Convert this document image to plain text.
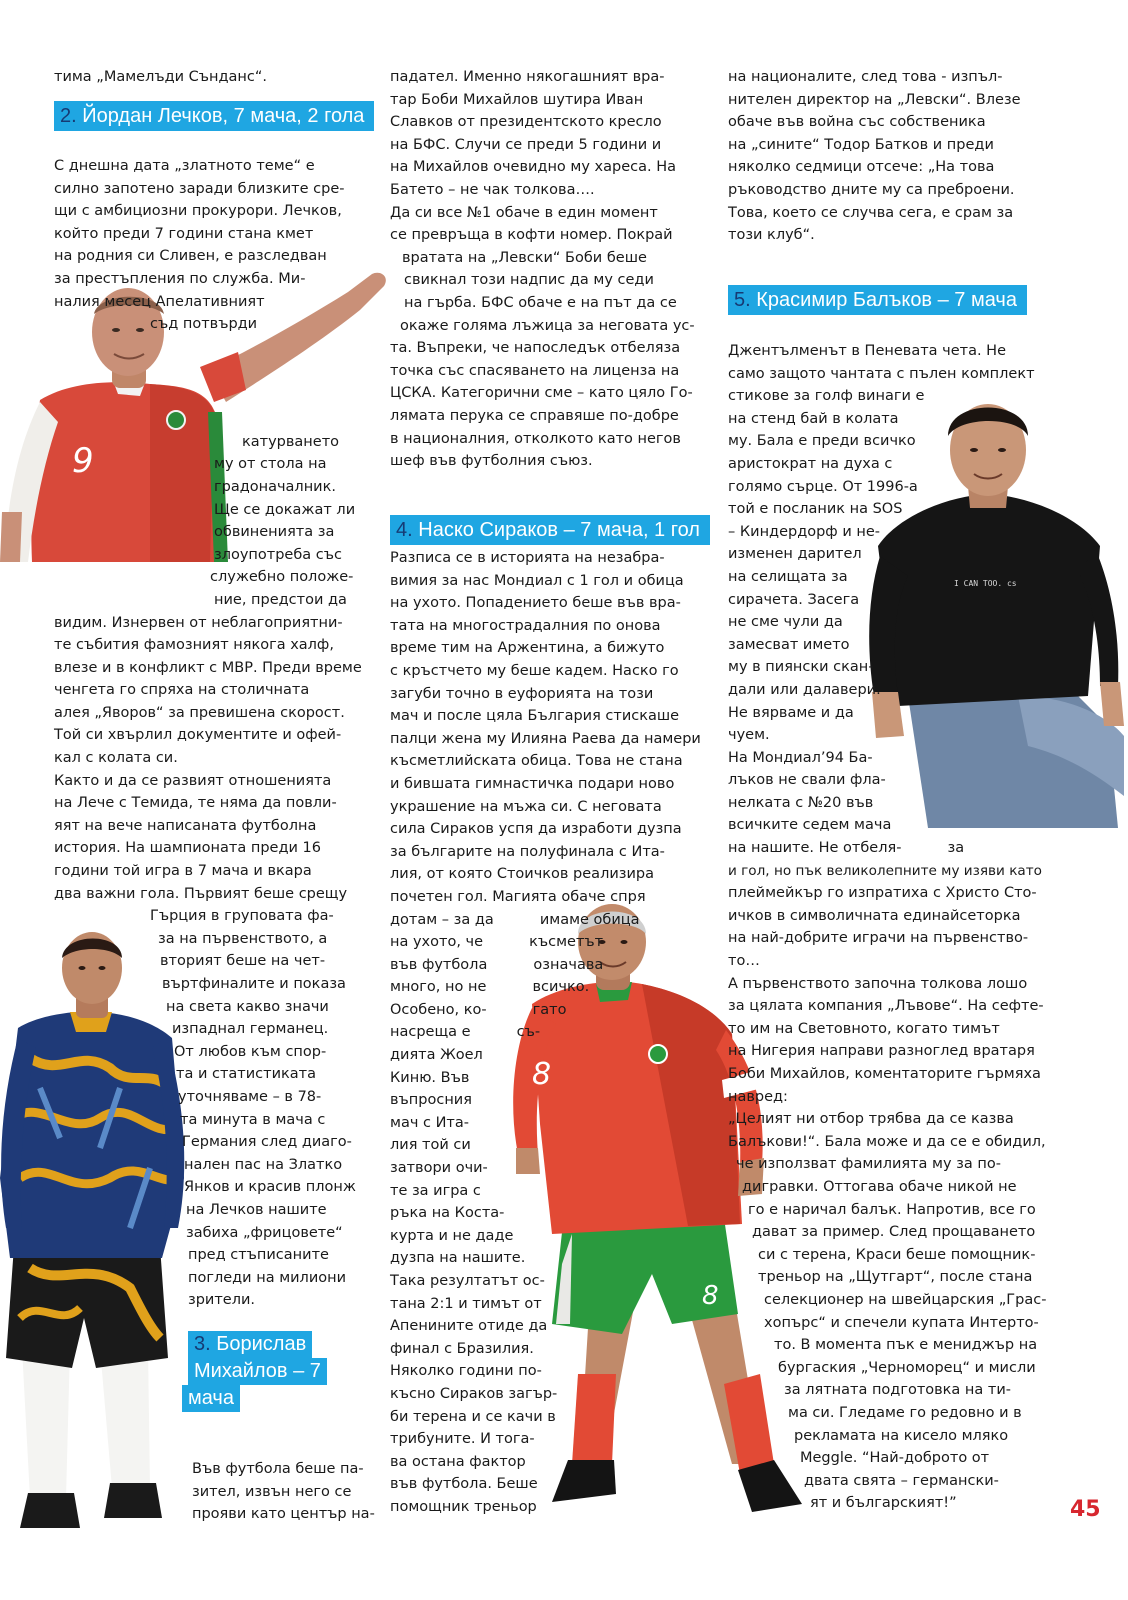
9
8
8
I CAN TOO. cs

тима „Мамелъди Сънданс“.

2. Йордан Лечков, 7 мача, 2 гола

С днешна дата „златното теме“ е

силно запотено заради близките сре-

щи с амбициозни прокурори. Лечков,

който преди 7 години стана кмет

на родния си Сливен, е разследван

за престъпления по служба. Ми-

налия месец Апелативният

съд потвърди

катурването

му от стола на

градоначалник.

Ще се докажат ли

обвиненията за

злоупотреба със

служебно положе-

ние, предстои да

видим. Изнервен от неблагоприятни-

те събития фамозният някога халф,

влезе и в конфликт с МВР. Преди време

ченгета го спряха на столичната

алея „Яворов“ за превишена скорост.

Той си хвърлил документите и офей-

кал с колата си.

Както и да се развият отношенията

на Лече с Темида, те няма да повли-

яят на вече написаната футболна

история. На шампионата преди 16

години той игра в 7 мача и вкара

два важни гола. Първият беше срещу

Гърция в груповата фа-

за на първенството, а

вторият беше на чет-

въртфиналите и показа

на света какво значи

изпаднал германец.

От любов към спор-

та и статистиката

уточняваме – в 78-

та минута в мача с

Германия след диаго-

нален пас на Златко

Янков и красив плонж

на Лечков нашите

забиха „фрицовете“

пред стъписаните

погледи на милиони

зрители.

3. Борислав
Михайлов – 7
мача

Във футбола беше па-

зител, извън него се

прояви като център на-

падател. Именно някогашният вра-

тар Боби Михайлов шутира Иван

Славков от президентското кресло

на БФС. Случи се преди 5 години и

на Михайлов очевидно му хареса. На

Батето – не чак толкова….

Да си все №1 обаче в един момент

се превръща в кофти номер. Покрай

вратата на „Левски“ Боби беше

свикнал този надпис да му седи

на гърба. БФС обаче е на път да се

окаже голяма лъжица за неговата ус-

та. Въпреки, че напоследък отбеляза

точка със спасяването на лиценза на

ЦСКА. Категорични сме – като цяло Го-

лямата перука се справяше по-добре

в националния, отколкото като негов

шеф във футболния съюз.

4. Наско Сираков – 7 мача, 1 гол

Разписа се в историята на незабра-

вимия за нас Мондиал с 1 гол и обица

на ухото. Попадението беше във вра-

тата на многострадалния по онова

време тим на Аржентина, а бижуто

с кръстчето му беше кадем. Наско го

загуби точно в еуфорията на този

мач и после цяла България стискаше

палци жена му Илияна Раева да намери

късметлийската обица. Това не стана

и бившата гимнастичка подари ново

украшение на мъжа си. С неговата

сила Сираков успя да изработи дузпа

за българите на полуфинала с Ита-

лия, от която Стоичков реализира

почетен гол. Магията обаче спря

дотам – за да          имаме обица

на ухото, че          късметът

във футбола          означава

много, но не          всичко.

Особено, ко-          гато

насреща е          съ-

дията Жоел

Киню. Във

въпросния

мач с Ита-

лия той си

затвори очи-

те за игра с

ръка на Коста-

курта и не даде

дузпа на нашите.

Така резултатът ос-

тана 2:1 и тимът от

Апенините отиде да

финал с Бразилия.

Няколко години по-

късно Сираков загър-

би терена и се качи в

трибуните. И тога-

ва остана фактор

във футбола. Беше

помощник треньор

на националите, след това - изпъл-

нителен директор на „Левски“. Влезе

обаче във война със собственика

на „сините“ Тодор Батков и преди

няколко седмици отсече: „На това

ръководство дните му са преброени.

Това, което се случва сега, е срам за

този клуб“.

5. Красимир Балъков – 7 мача

Джентълменът в Пеневата чета. Не

само защото чантата с пълен комплект

стикове за голф винаги е

на стенд бай в колата

му. Бала е преди всичко

аристократ на духа с

голямо сърце. От 1996-а

той е посланик на SOS

– Киндердорф и не-

изменен дарител

на селищата за

сирачета. Засега

не сме чули да

замесват името

му в пиянски скан-

дали или далавери.

Не вярваме и да

чуем.

На Мондиал’94 Ба-

лъков не свали фла-

нелката с №20 във

всичките седем мача

на нашите. Не отбеля-          за

и гол, но пък великолепните му изяви като

плеймейкър го изпратиха с Христо Сто-

ичков в символичната единайсеторка

на най-добрите играчи на първенство-

то…

А първенството започна толкова лошо

за цялата компания „Лъвове“. На сефте-

то им на Световното, когато тимът

на Нигерия направи разноглед вратаря

Боби Михайлов, коментаторите гърмяха

навред:

„Целият ни отбор трябва да се казва

Балъкови!“. Бала може и да се е обидил,

че използват фамилията му за по-

дигравки. Оттогава обаче никой не

го е наричал балък. Напротив, все го

дават за пример. След прощаването

си с терена, Краси беше помощник-

треньор на „Щутгарт“, после стана

селекционер на швейцарския „Грас-

хопърс“ и спечели купата Интерто-

то. В момента пък е мениджър на

бургаския „Черноморец“ и мисли

за лятната подготовка на ти-

ма си. Гледаме го редовно и в

рекламата на кисело мляко

Meggle. “Най-доброто от

двата свята – германски-

ят и българският!”	45
